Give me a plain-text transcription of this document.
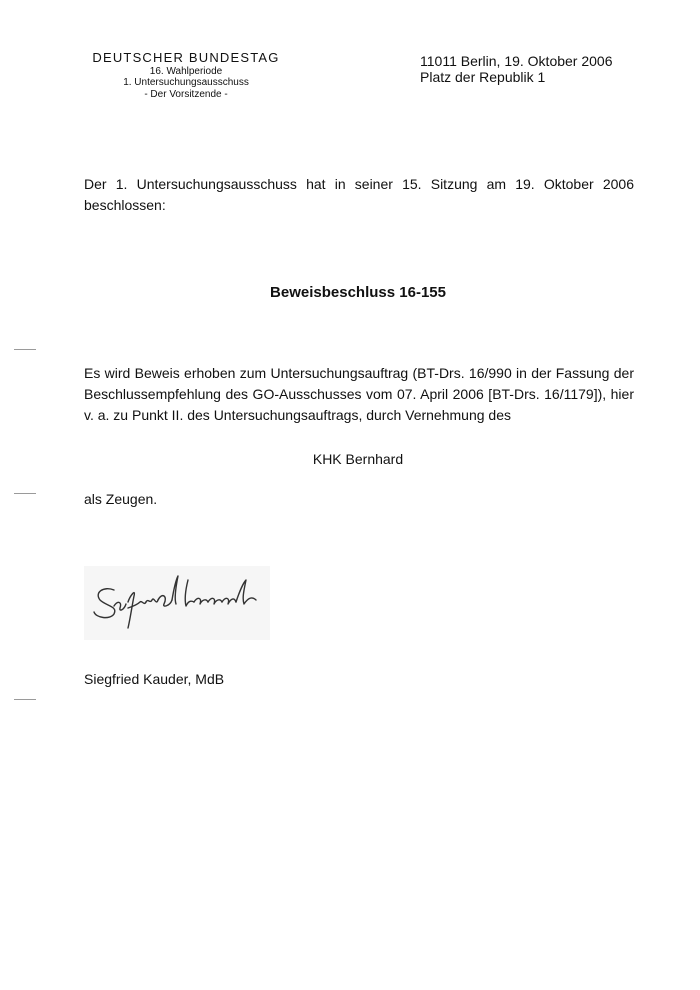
DEUTSCHER BUNDESTAG
16. Wahlperiode
1. Untersuchungsausschuss
- Der Vorsitzende -
11011 Berlin, 19. Oktober 2006
Platz der Republik 1
Der 1. Untersuchungsausschuss hat in seiner 15. Sitzung am 19. Oktober 2006 beschlossen:
Beweisbeschluss 16-155
Es wird Beweis erhoben zum Untersuchungsauftrag (BT-Drs. 16/990 in der Fassung der Beschlussempfehlung des GO-Ausschusses vom 07. April 2006 [BT-Drs. 16/1179]), hier v. a. zu Punkt II. des Untersuchungsauftrags, durch Vernehmung des
KHK Bernhard
als Zeugen.
Siegfried Kauder, MdB
